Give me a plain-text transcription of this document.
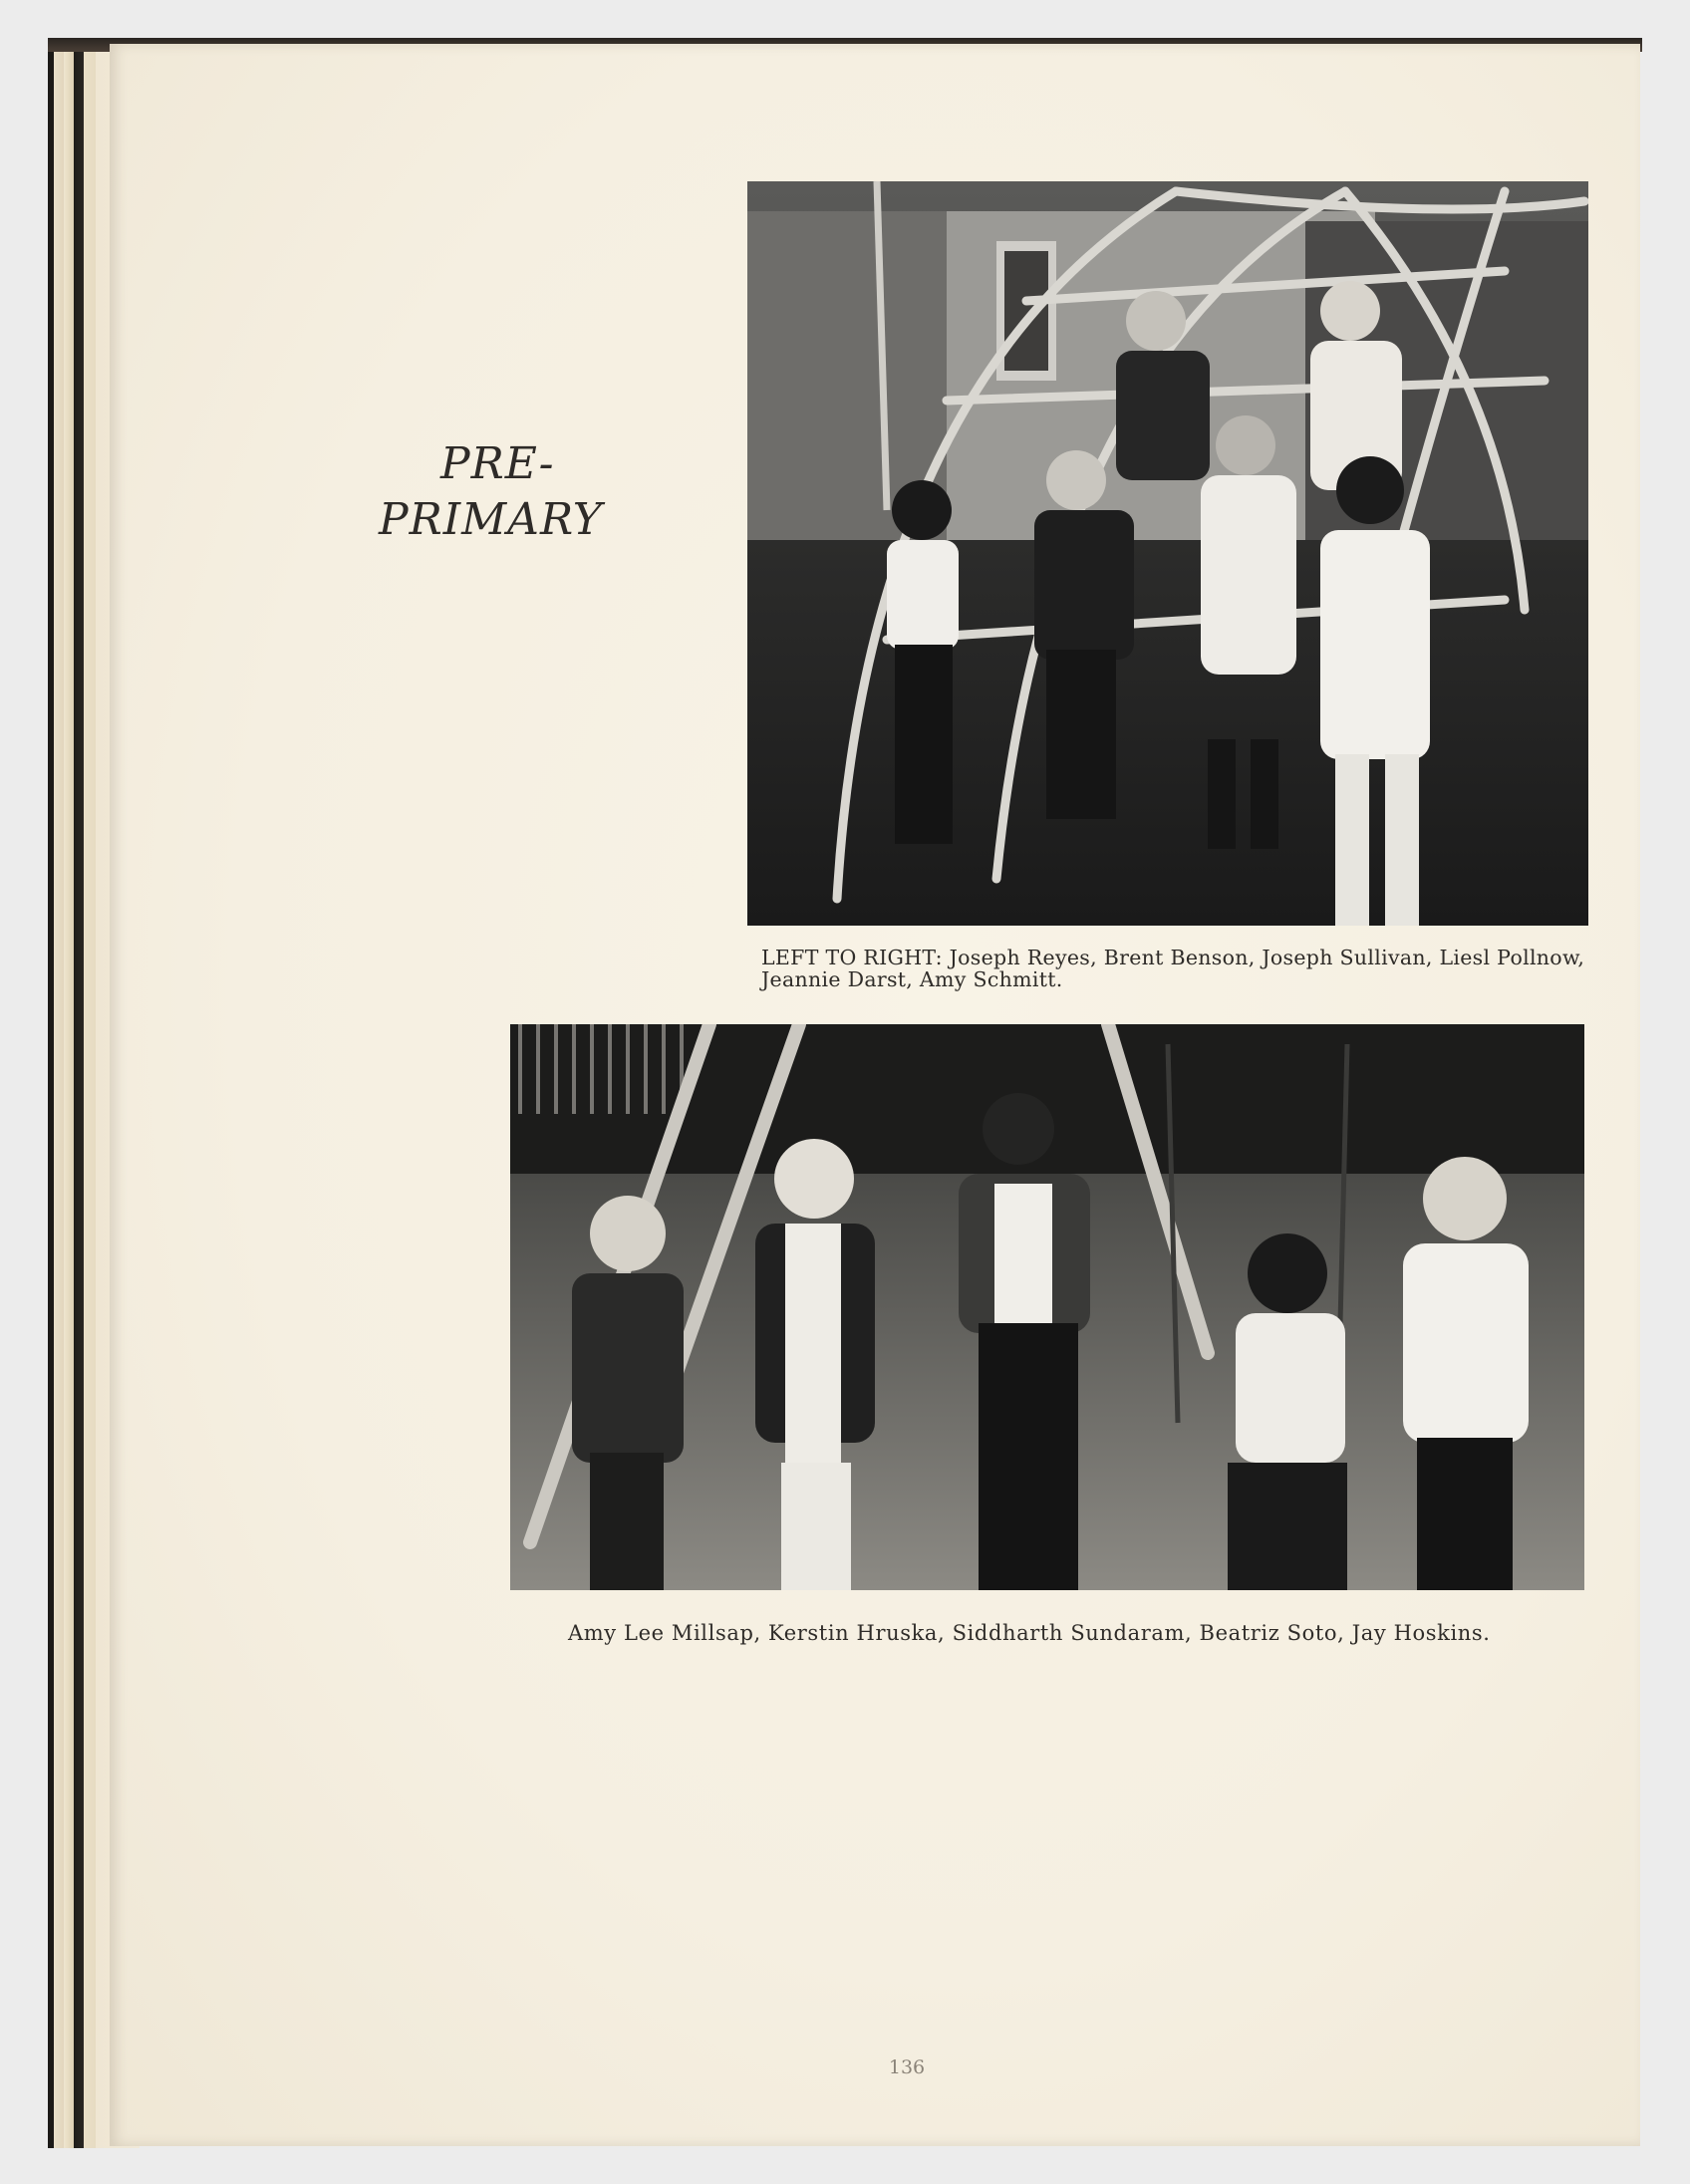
PRE-
PRIMARY
LEFT TO RIGHT: Joseph Reyes, Brent Benson, Joseph Sullivan, Liesl Pollnow, Jeannie Darst, Amy Schmitt.
Amy Lee Millsap, Kerstin Hruska, Siddharth Sundaram, Beatriz Soto, Jay Hoskins.
136
